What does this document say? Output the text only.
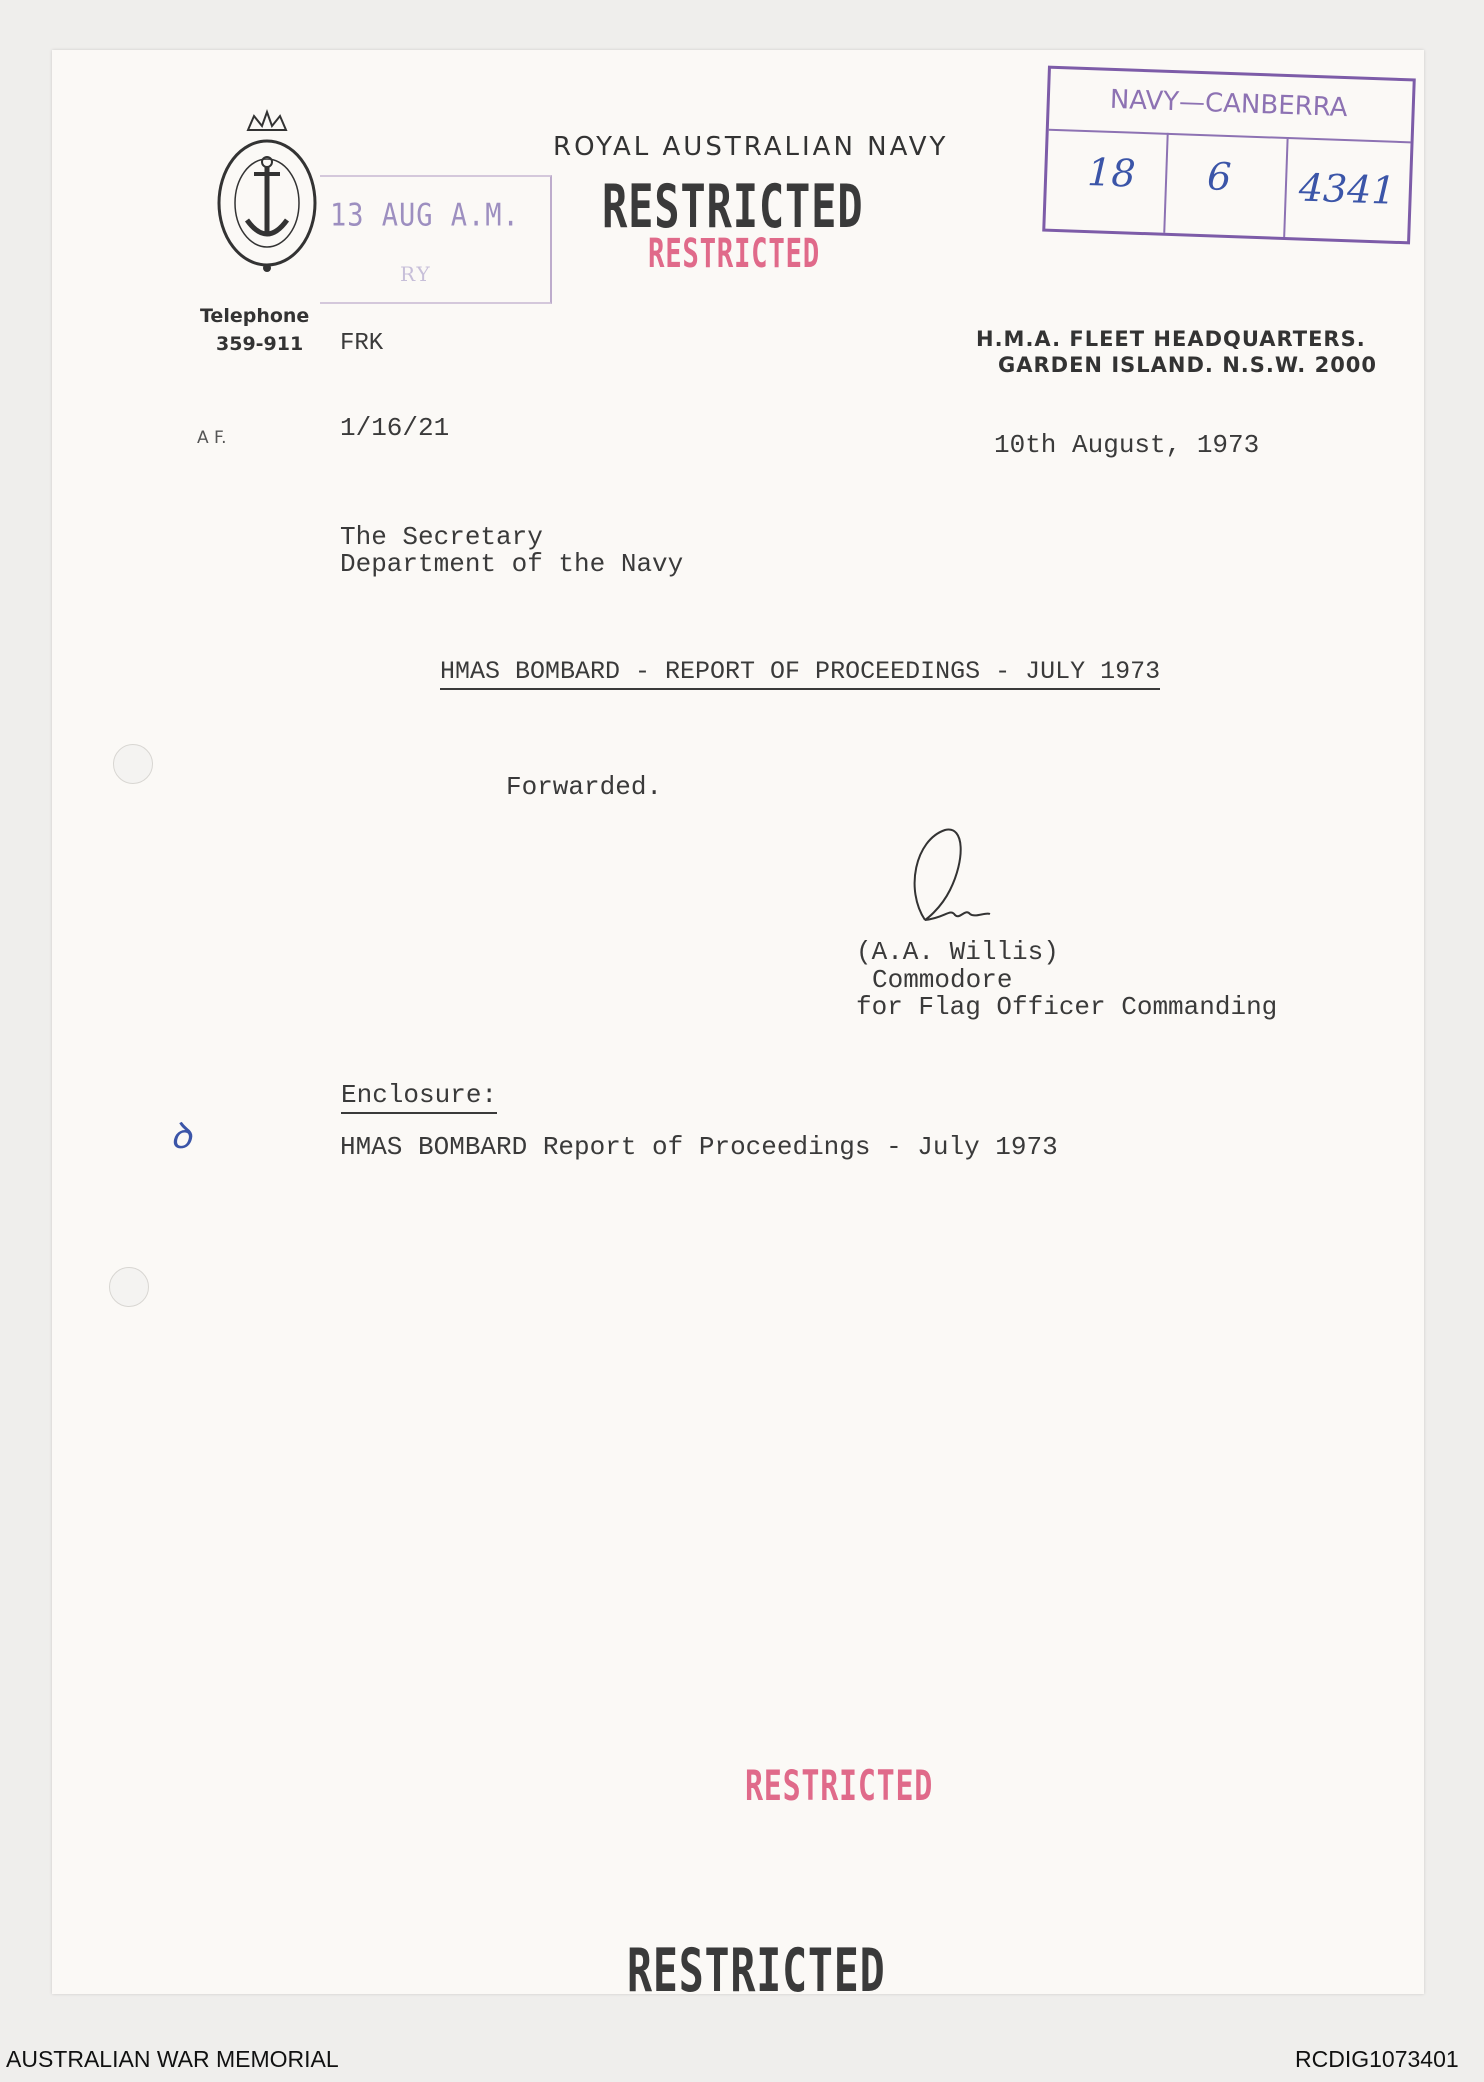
13 AUG A.M.
RY
ROYAL AUSTRALIAN NAVY
RESTRICTED
RESTRICTED
NAVY—CANBERRA
18 6 4341
Telephone
359-911 FRK
A F.	1/16/21
H.M.A. FLEET HEADQUARTERS.
GARDEN ISLAND. N.S.W. 2000
10th August, 1973
The Secretary
Department of the Navy
HMAS BOMBARD - REPORT OF PROCEEDINGS - JULY 1973
Forwarded.
(A.A. Willis)
Commodore
for Flag Officer Commanding
Enclosure:
HMAS BOMBARD Report of Proceedings - July 1973
ꝺ
RESTRICTED
RESTRICTED
AUSTRALIAN WAR MEMORIAL	RCDIG1073401
